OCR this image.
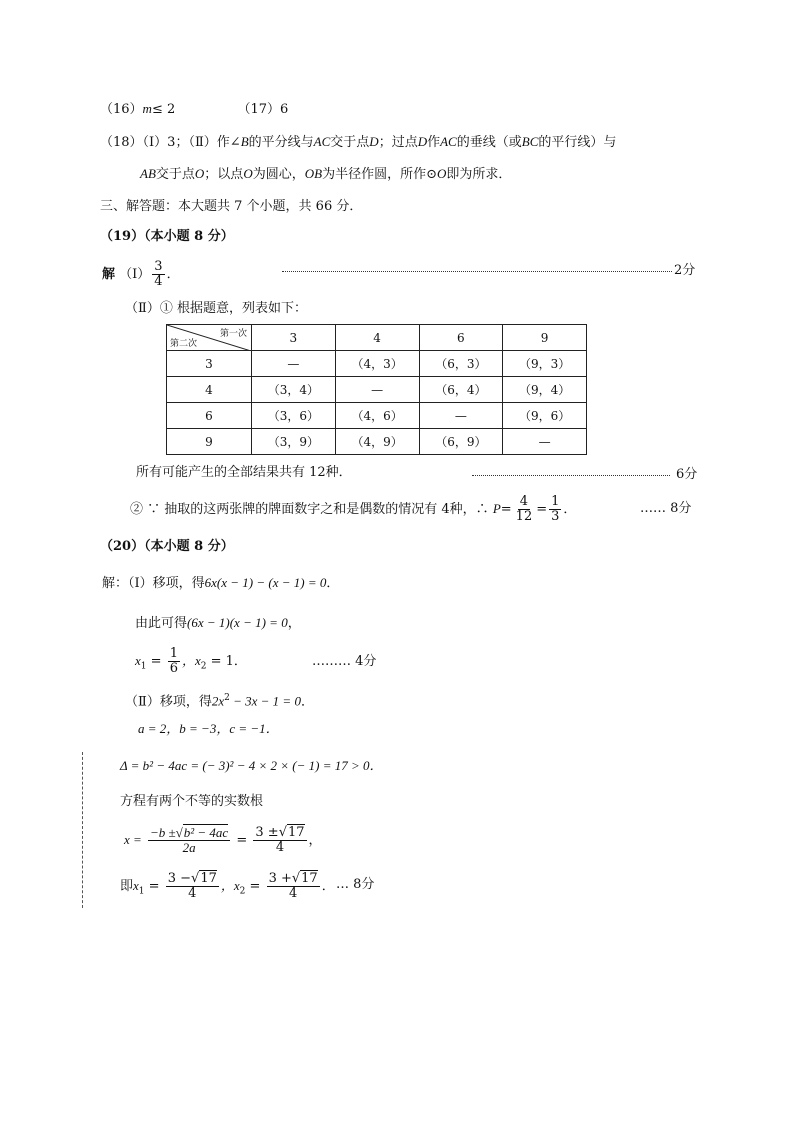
（16）m≤ 2	（17）6
（18）（Ⅰ）3；（Ⅱ）作∠B的平分线与AC交于点D；过点D作AC的垂线（或BC的平行线）与
AB交于点O；以点O为圆心，OB为半径作圆，所作⊙O即为所求．
三、解答题：本大题共 7 个小题，共 66 分．
（19）（本小题 8 分）
解 （Ⅰ） $\frac{3}{4}$ ．	2分
（Ⅱ）① 根据题意，列表如下：
第一次
第二次	3	4	6	9
3	—	（4，3）	（6，3）	（9，3）
4	（3，4）	—	（6，4）	（9，4）
6	（3，6）	（4，6）	—	（9，6）
9	（3，9）	（4，9）	（6，9）	—
所有可能产生的全部结果共有 12种．	6分
② ∵ 抽取的这两张牌的牌面数字之和是偶数的情况有 4种，∴ $P= \frac{4}{12} = \frac{1}{3}$ ．	…… 8分
（20）（本小题 8 分）
解：（Ⅰ）移项，得6x(x − 1) − (x − 1) = 0．
由此可得(6x − 1)(x − 1) = 0，
$x_1 = \frac{1}{6}$ ，$x_2 = 1$．	……… 4分
（Ⅱ）移项，得$2x^2 - 3x - 1 = 0$．
a = 2，b = −3，c = −1．
Δ = b² − 4ac = (− 3)² − 4 × 2 × (− 1) = 17 > 0．
方程有两个不等的实数根
$x = \frac{\text{−b ±√b² − 4ac}}{2a} = \frac{3 \pm√17}{4}$ ，
即$x_1 = \frac{3 -√17}{4}$ ，$x_2 = \frac{3 +√17}{4}$ ． … 8分
